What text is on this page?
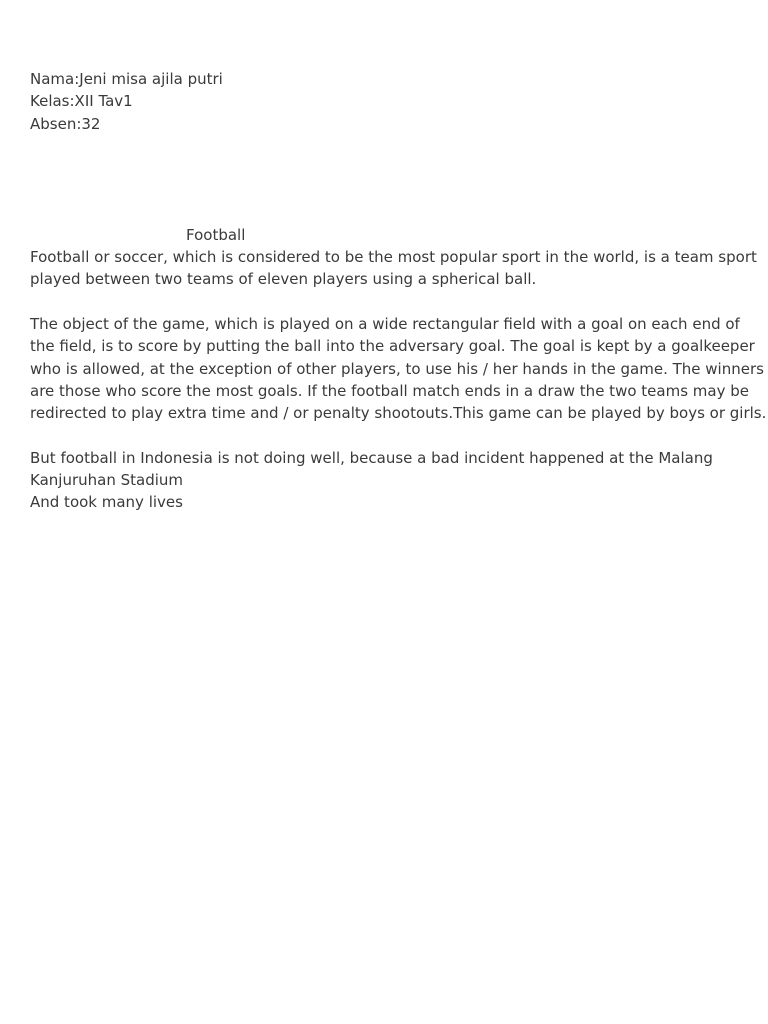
Nama:Jeni misa ajila putri
Kelas:XII Tav1
Absen:32
Football
Football or soccer, which is considered to be the most popular sport in the world, is a team sport
played between two teams of eleven players using a spherical ball.
The object of the game, which is played on a wide rectangular field with a goal on each end of
the field, is to score by putting the ball into the adversary goal. The goal is kept by a goalkeeper
who is allowed, at the exception of other players, to use his / her hands in the game. The winners
are those who score the most goals. If the football match ends in a draw the two teams may be
redirected to play extra time and / or penalty shootouts.This game can be played by boys or girls.
But football in Indonesia is not doing well, because a bad incident happened at the Malang
Kanjuruhan Stadium
And took many lives
